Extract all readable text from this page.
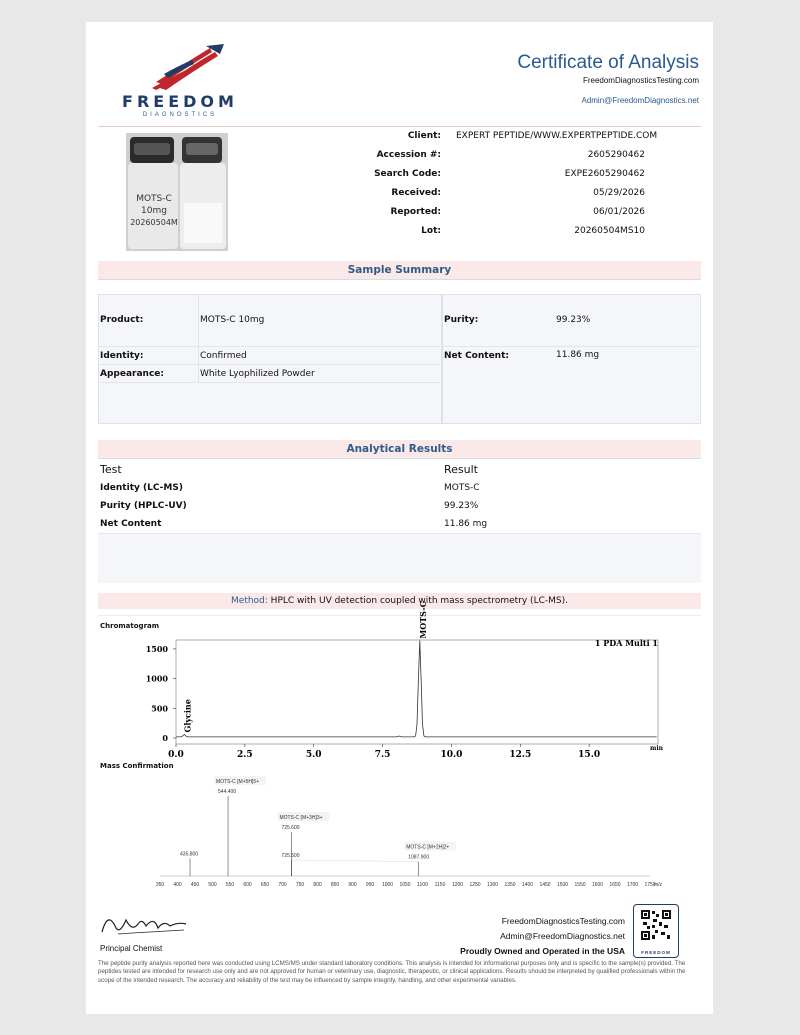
FREEDOM
DIAGNOSTICS
Certificate of Analysis
FreedomDiagnosticsTesting.com
Admin@FreedomDiagnostics.net
MOTS-C
10mg
20260504M
Client: EXPERT PEPTIDE/WWW.EXPERTPEPTIDE.COM
Accession #:	2605290462
Search Code:	EXPE2605290462
Received:	05/29/2026
Reported:	06/01/2026
Lot:	20260504MS10
Sample Summary
Product:	MOTS-C 10mg
Identity:	Confirmed
Appearance:	White Lyophilized Powder
Purity:	99.23%
Net Content:	11.86 mg
Analytical Results
Test	Result
Identity (LC-MS)	MOTS-C
Purity (HPLC-UV)	99.23%
Net Content	11.86 mg
Method: HPLC with UV detection coupled with mass spectrometry (LC-MS).
Chromatogram
0.0	2.5	5.0	7.5	10.0	12.5	15.0
0
500
1000
1500
Glycine
MOTS-C
1 PDA Multi 1
min
Mass Confirmation
350 400 450 500 550 600 650 700 750 800 850 900 950 1000 1050 1100 1150 1200 1250 1300 1350 1400 1450 1500 1550 1600 1650 1700 1750
m/z
435.800
544.400
MOTS-C [M+5H]5+
725.600
MOTS-C [M+3H]3+
725.500	1087.900
MOTS-C [M+2H]2+
Principal Chemist
FreedomDiagnosticsTesting.com
Admin@FreedomDiagnostics.net
Proudly Owned and Operated in the USA	FREEDOM
The peptide purity analysis reported here was conducted using LCMS/MS under standard laboratory conditions. This analysis is intended for informational purposes only and is specific to the sample(s) provided. The peptides tested are intended for research use only and are not approved for human or veterinary use, diagnostic, therapeutic, or clinical applications. Results should be interpreted by qualified professionals within the scope of the intended research. The accuracy and reliability of the test may be influenced by sample integrity, handling, and other experimental variables.
